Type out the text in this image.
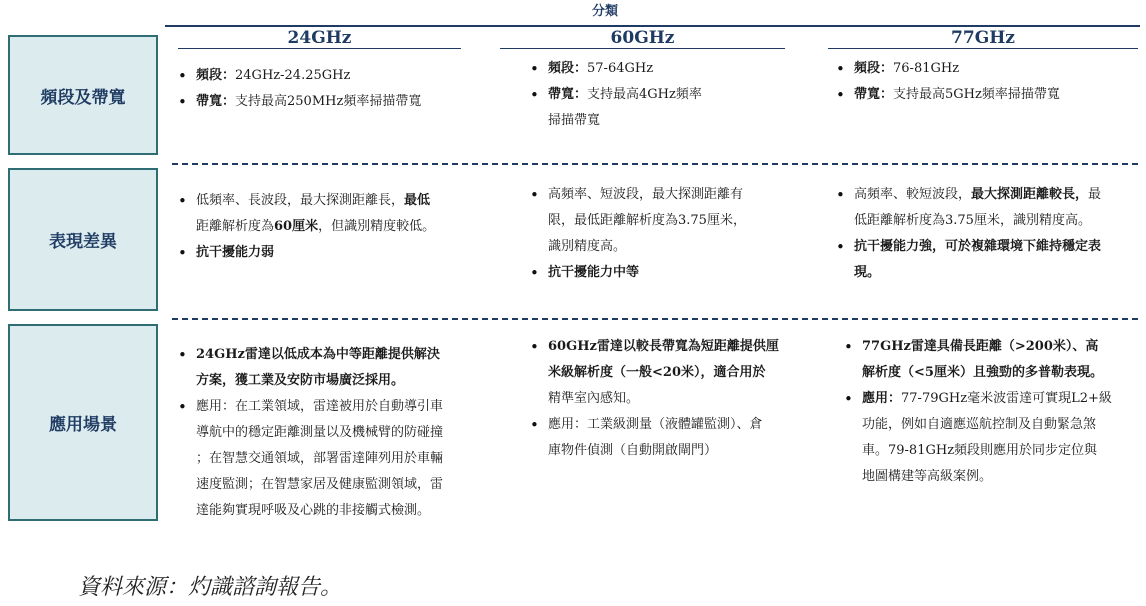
分類
24GHz	60GHz	77GHz
頻段及帶寬
表現差異
應用場景
• 頻段：24GHz-24.25GHz
• 帶寬：支持最高250MHz頻率掃描帶寬
• 頻段：57-64GHz
• 帶寬：支持最高4GHz頻率
掃描帶寬
• 頻段：76-81GHz
• 帶寬：支持最高5GHz頻率掃描帶寬
• 低頻率、長波段，最大探測距離長，最低
距離解析度為60厘米，但識別精度較低。
• 抗干擾能力弱
• 高頻率、短波段，最大探測距離有
限，最低距離解析度為3.75厘米，
識別精度高。
• 抗干擾能力中等
• 高頻率、較短波段，最大探測距離較長，最
低距離解析度為3.75厘米，識別精度高。
• 抗干擾能力強，可於複雜環境下維持穩定表
現。
• 24GHz雷達以低成本為中等距離提供解決
方案，獲工業及安防市場廣泛採用。
• 應用：在工業領域，雷達被用於自動導引車
導航中的穩定距離測量以及機械臂的防碰撞
；在智慧交通領域，部署雷達陣列用於車輛
速度監測；在智慧家居及健康監測領域，雷
達能夠實現呼吸及心跳的非接觸式檢測。
• 60GHz雷達以較長帶寬為短距離提供厘
米級解析度（一般<20米），適合用於
精準室內感知。
• 應用：工業級測量（液體罐監測）、倉
庫物件偵測（自動開啟閘門）
• 77GHz雷達具備長距離（>200米）、高
解析度（<5厘米）且強勁的多普勒表現。
• 應用：77-79GHz毫米波雷達可實現L2+級
功能，例如自適應巡航控制及自動緊急煞
車。79-81GHz頻段則應用於同步定位與
地圖構建等高級案例。
資料來源：灼識諮詢報告。
